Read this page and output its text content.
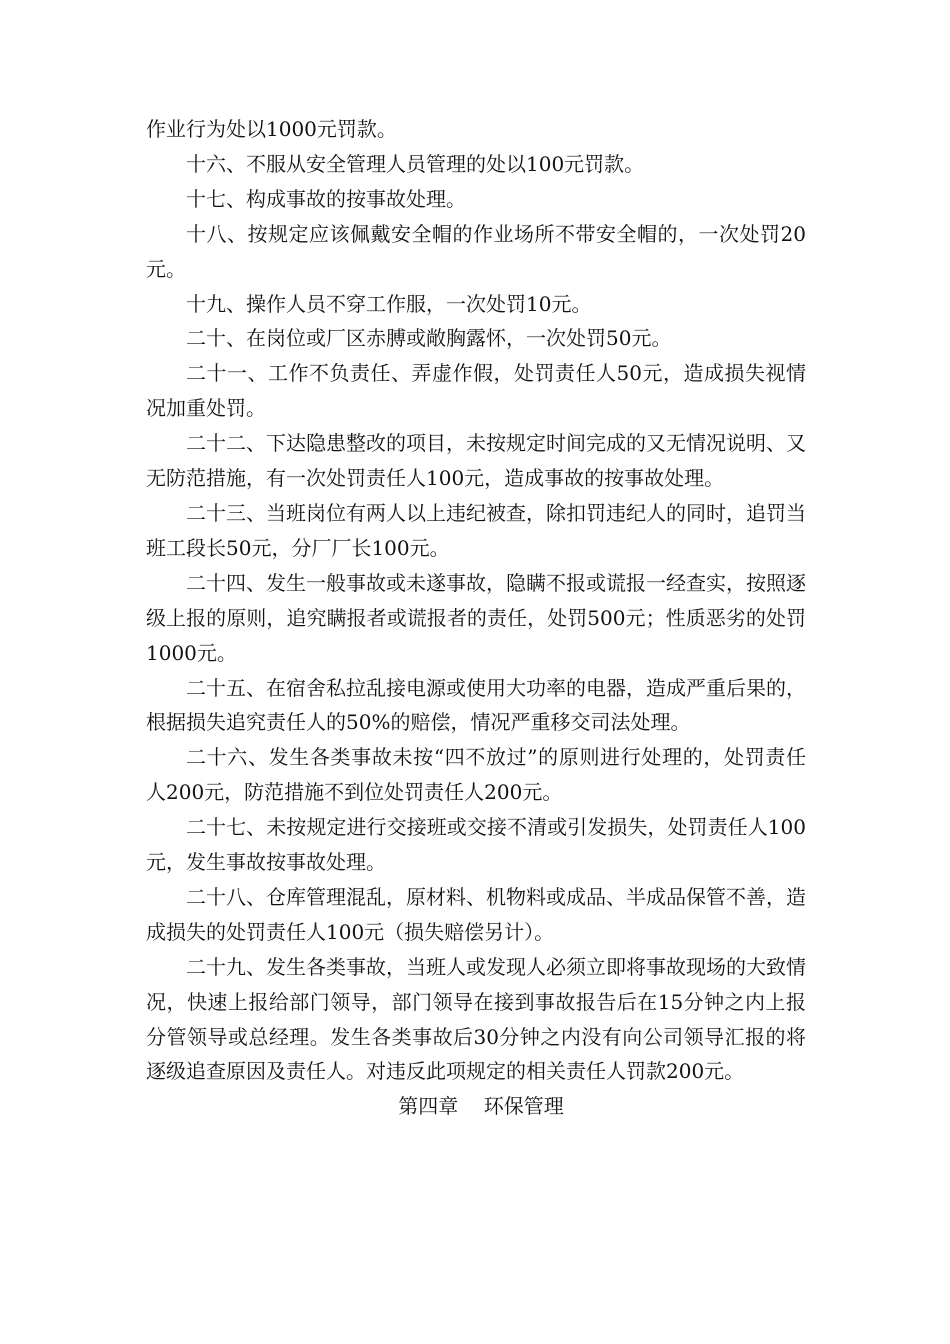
作业行为处以1000元罚款。

十六、不服从安全管理人员管理的处以100元罚款。

十七、构成事故的按事故处理。

十八、按规定应该佩戴安全帽的作业场所不带安全帽的，一次处罚20元。

十九、操作人员不穿工作服，一次处罚10元。

二十、在岗位或厂区赤膊或敞胸露怀，一次处罚50元。

二十一、工作不负责任、弄虚作假，处罚责任人50元，造成损失视情况加重处罚。

二十二、下达隐患整改的项目，未按规定时间完成的又无情况说明、又无防范措施，有一次处罚责任人100元，造成事故的按事故处理。

二十三、当班岗位有两人以上违纪被查，除扣罚违纪人的同时，追罚当班工段长50元，分厂厂长100元。

二十四、发生一般事故或未遂事故，隐瞒不报或谎报一经查实，按照逐级上报的原则，追究瞒报者或谎报者的责任，处罚500元；性质恶劣的处罚1000元。

二十五、在宿舍私拉乱接电源或使用大功率的电器，造成严重后果的，根据损失追究责任人的50%的赔偿，情况严重移交司法处理。

二十六、发生各类事故未按“四不放过”的原则进行处理的，处罚责任人200元，防范措施不到位处罚责任人200元。

二十七、未按规定进行交接班或交接不清或引发损失，处罚责任人100元，发生事故按事故处理。

二十八、仓库管理混乱，原材料、机物料或成品、半成品保管不善，造成损失的处罚责任人100元（损失赔偿另计）。

二十九、发生各类事故，当班人或发现人必须立即将事故现场的大致情况，快速上报给部门领导，部门领导在接到事故报告后在15分钟之内上报分管领导或总经理。发生各类事故后30分钟之内没有向公司领导汇报的将逐级追查原因及责任人。对违反此项规定的相关责任人罚款200元。

第四章    环保管理
